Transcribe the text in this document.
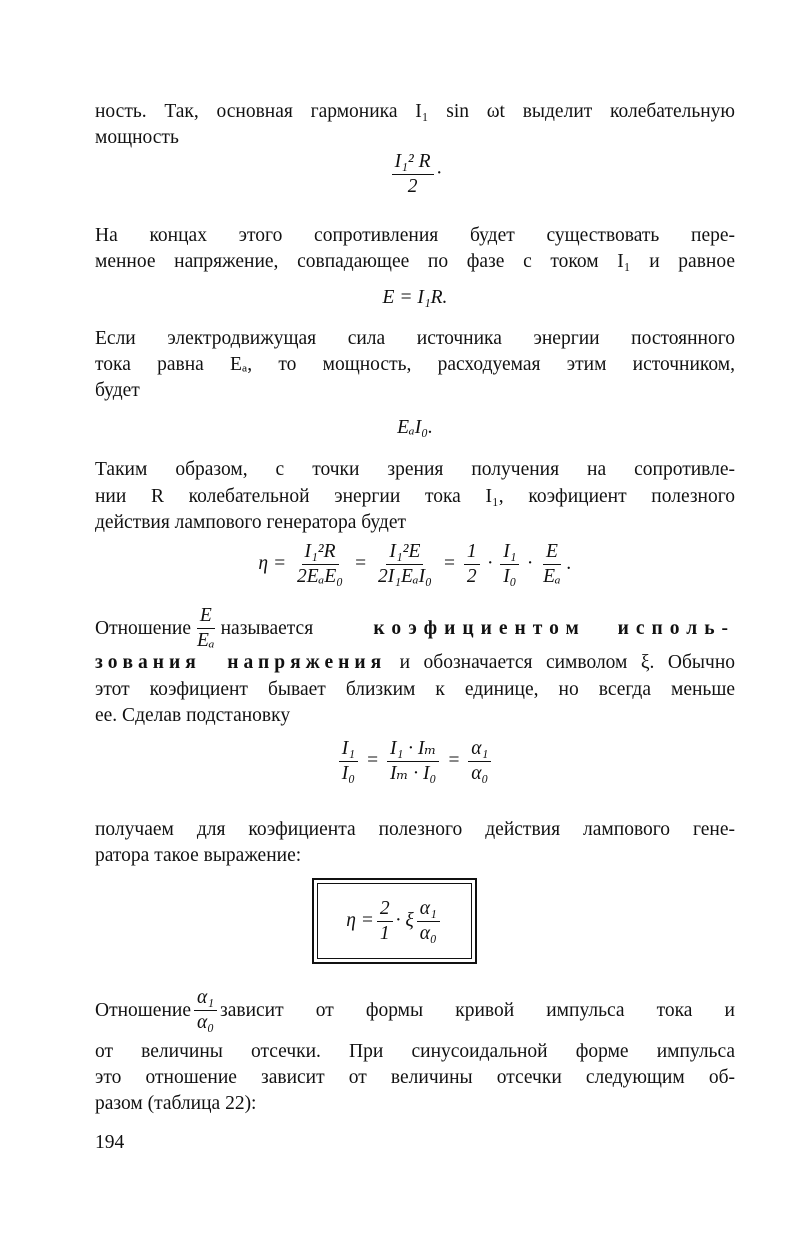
ность. Так, основная гармоника I₁ sin ωt выделит колебательную
мощность
$\frac{\text{I₁² R}}{2}$ ·
На концах этого сопротивления будет существовать пере-
менное напряжение, совпадающее по фазе с током I₁ и равное
E = I₁R.
Если электродвижущая сила источника энергии постоянного
тока равна Eₐ, то мощность, расходуемая этим источником,
будет
EₐI₀.
Таким образом, с точки зрения получения на сопротивле-
нии R колебательной энергии тока I₁, коэфициент полезного
действия лампового генератора будет
$\eta = \frac{\text{I₁²R}}{\text{2EₐE₀}} = \frac{\text{I₁²E}}{\text{2I₁EₐI₀}} = \frac{1}{2} \cdot \frac{\text{I₁}}{\text{I₀}} \cdot \frac{E}{\text{Eₐ}}$ .
Отношение $\frac{E}{\text{Eₐ}}$ называется	коэфициентом исполь-
зования напряжения и обозначается символом ξ. Обычно
этот коэфициент бывает близким к единице, но всегда меньше
ее. Сделав подстановку
$\frac{\text{I₁}}{\text{I₀}} = \frac{\text{I₁ · Iₘ}}{\text{Iₘ · I₀}} = \frac{\text{α₁}}{\text{α₀}}$
получаем для коэфициента полезного действия лампового гене-
ратора такое выражение:
$\eta = \frac{2}{1} \cdot \xi \frac{\text{α₁}}{\text{α₀}}$
Отношение $\frac{\text{α₁}}{\text{α₀}}$ зависит от формы кривой импульса тока и
от величины отсечки. При синусоидальной форме импульса
это отношение зависит от величины отсечки следующим об-
разом (таблица 22):
194
